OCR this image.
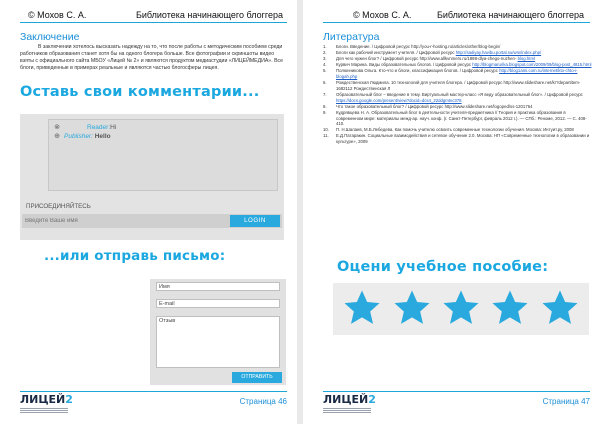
© Мохов С. А.	Библиотека начинающего блоггера
Заключение
В заключении хотелось высказать надежду на то, что после работы с методическим пособием среди работников образования станет хотя бы на одного блогера больше. Все фотографии и скриншоты видео взяты с официального сайта МБОУ «Лицей № 2» и являются продуктом медиастудии «ЛИЦЕЙМЕДИА». Все блоги, приведенные в примерах реальные и являются частью блогосферы лицея.
Оставь свои комментарии...
⊗
⊕
Reader:Hi
Publisher: Hello
ПРИСОЕДИНЯЙТЕСЬ
Введите Ваше имя
LOGIN
...или отправь письмо:
Имя
E-mail
Отзыв
ОТПРАВИТЬ
ЛИЦЕЙ2	Страница 46
© Мохов С. А.	Библиотека начинающего блоггера
Литература
1. Блоги. Введение. / Цифровой ресурс http://you-r-hosting.ru/articles/other/blog-begin/
2. Блоги как рабочий инструмент учителя. / Цифровой ресурс http://sadiyay.havibu.portal.su/wm/index.php/
3. Для чего нужен блог? / Цифровой ресурс http://www.allkvnmers.ru/1888-dlya-chego-nuzhen- blog.html
4. Курвич Марина. Виды образовательных блогов. / Цифровой ресурс http://blogmarurika.blogspot.com/2009/09/blog-post_4815.html
5. Полюнникова Ольга. Кто-что и блоги, классификация блогов. / Цифровой ресурс http://blog1ami.com.ru/internet/kto-chto-i-blogah.php
6. Рождественская Людмила. 10 технологий для учителя блогера. / Цифровой ресурс http://www.slideshare.net/kr?departitem-1682112 Рождественская Л
7. Образовательный блог – введение в тему. Виртуальный мастер-класс «Я веду образовательный блог». / Цифровой ресурс https://docs.google.com/present/view?docid=dcs4_22ddgmtvc378
8. Что такое образовательный блог? / Цифровой ресурс http://www.slideshare.net/logoped/ss-1201764
9. Кудрявцева Н. А. Образовательный блог в деятельности учителя-предметника // Теория и практика образования в современном мире: материалы межд-ар. науч. конф. (г. Санкт-Петербург, февраль 2012 г.). — СПб.: Реноме, 2012. — С. 408-410.
10. П. Н.Шалаев, М.Б.Лебедева. Как помочь учителю освоить современные технологии обучения. Москва: Интуит.ру, 2008
11. Е.Д.Патаракин. Социальные взаимодействия и сетевое обучение 2.0. Москва: НП «Современные технологии в образовании и культуре», 2009
Оцени учебное пособие:
ЛИЦЕЙ2	Страница 47
